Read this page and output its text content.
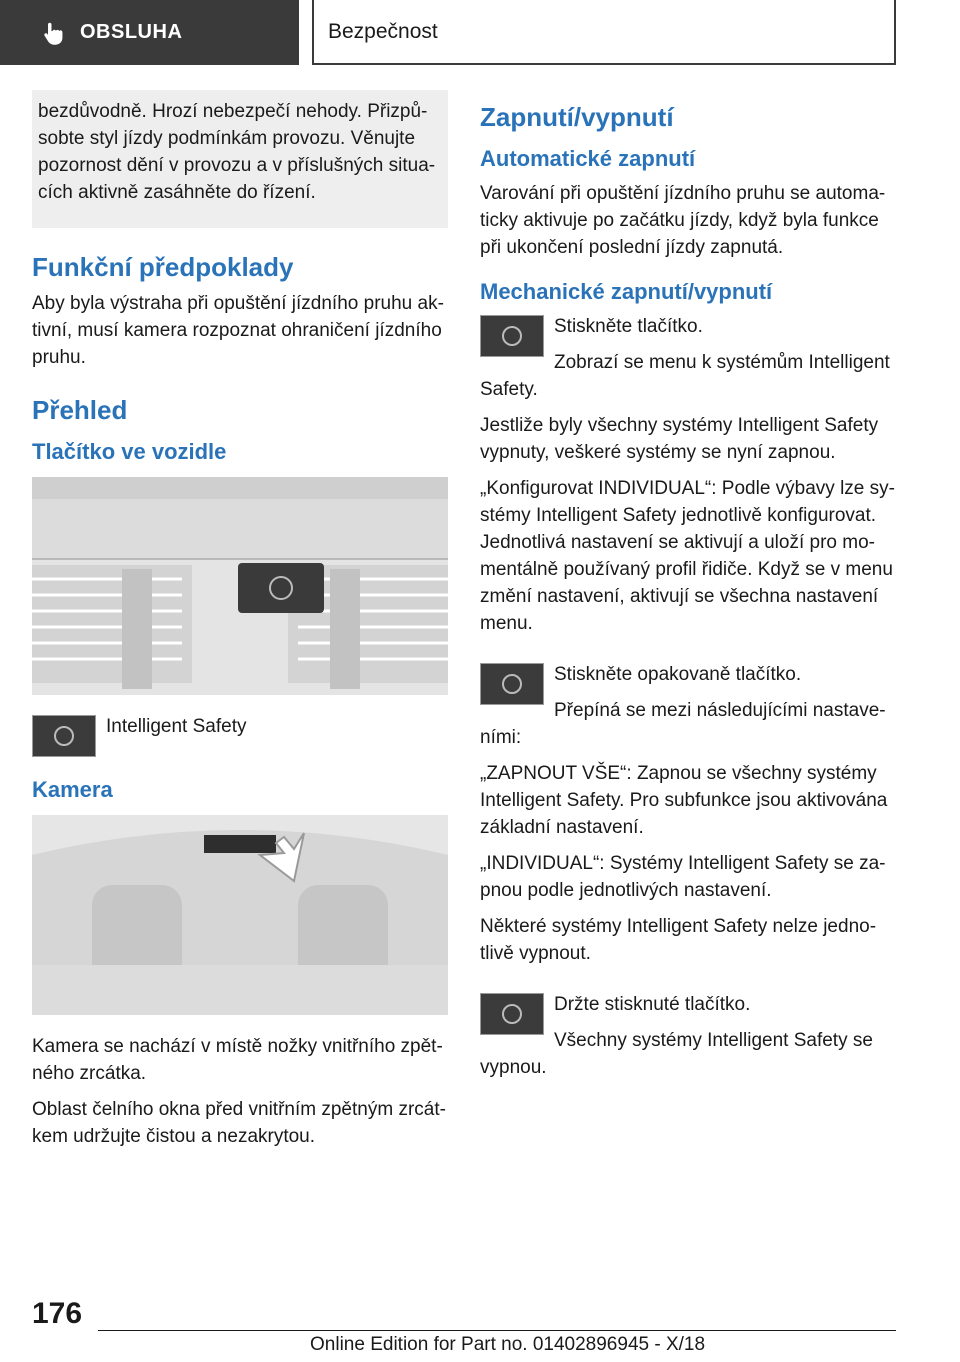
OBSLUHA	Bezpečnost

bezdůvodně. Hrozí nebezpečí nehody. Přizpů-sobte styl jízdy podmínkám provozu. Věnujte pozornost dění v provozu a v příslušných situa-cích aktivně zasáhněte do řízení.

Funkční předpoklady

Aby byla výstraha při opuštění jízdního pruhu ak-tivní, musí kamera rozpoznat ohraničení jízdního pruhu.

Přehled
Tlačítko ve vozidle

Intelligent Safety

Kamera

Kamera se nachází v místě nožky vnitřního zpět-ného zrcátka.

Oblast čelního okna před vnitřním zpětným zrcát-kem udržujte čistou a nezakrytou.

Zapnutí/vypnutí
Automatické zapnutí

Varování při opuštění jízdního pruhu se automa-ticky aktivuje po začátku jízdy, když byla funkce při ukončení poslední jízdy zapnutá.

Mechanické zapnutí/vypnutí

Stiskněte tlačítko.

Zobrazí se menu k systémům Intelligent Safety.

Jestliže byly všechny systémy Intelligent Safety vypnuty, veškeré systémy se nyní zapnou.

„Konfigurovat INDIVIDUAL“: Podle výbavy lze sy-stémy Intelligent Safety jednotlivě konfigurovat. Jednotlivá nastavení se aktivují a uloží pro mo-mentálně používaný profil řidiče. Když se v menu změní nastavení, aktivují se všechna nastavení menu.

Stiskněte opakovaně tlačítko.

Přepíná se mezi následujícími nastave-ními:

„ZAPNOUT VŠE“: Zapnou se všechny systémy Intelligent Safety. Pro subfunkce jsou aktivována základní nastavení.

„INDIVIDUAL“: Systémy Intelligent Safety se za-pnou podle jednotlivých nastavení.

Některé systémy Intelligent Safety nelze jedno-tlivě vypnout.

Držte stisknuté tlačítko.

Všechny systémy Intelligent Safety se vypnou.

176
Online Edition for Part no. 01402896945 - X/18
